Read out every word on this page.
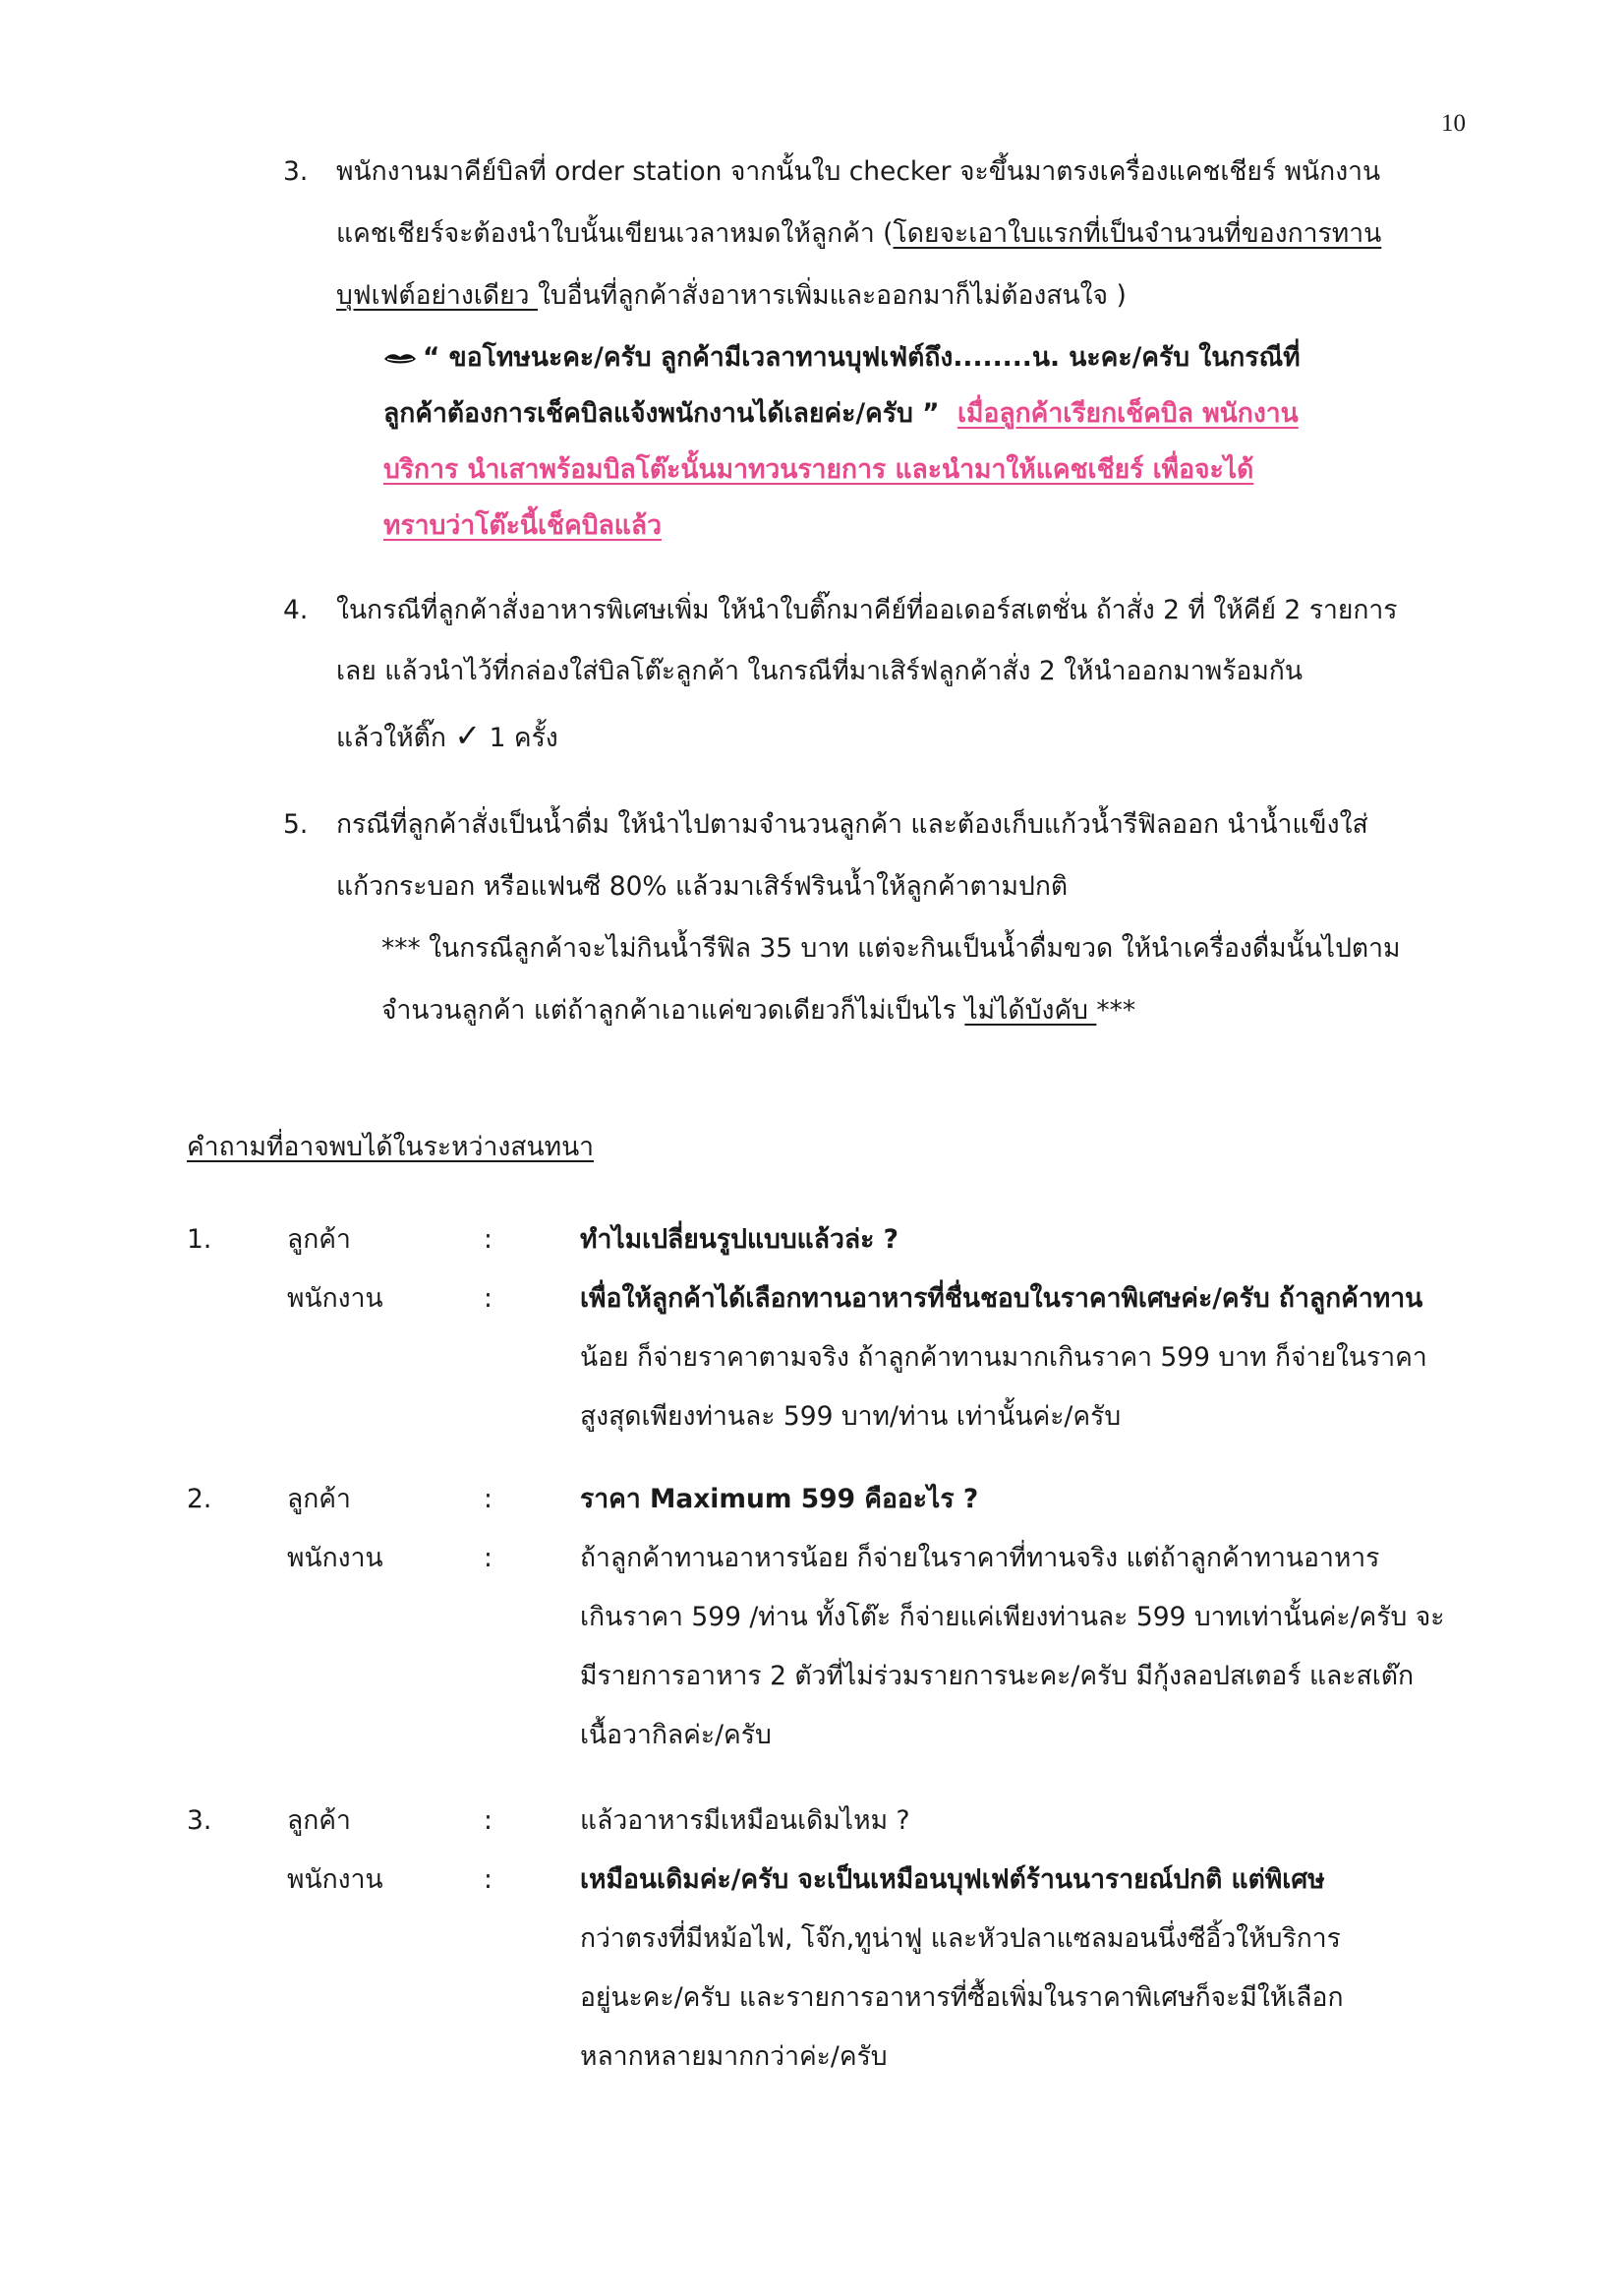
10
3.	พนักงานมาคีย์บิลที่ order station จากนั้นใบ checker จะขึ้นมาตรงเครื่องแคชเชียร์ พนักงาน
แคชเชียร์จะต้องนำใบนั้นเขียนเวลาหมดให้ลูกค้า (โดยจะเอาใบแรกที่เป็นจำนวนที่ของการทาน
บุฟเฟต์อย่างเดียว ใบอื่นที่ลูกค้าสั่งอาหารเพิ่มและออกมาก็ไม่ต้องสนใจ )
“ ขอโทษนะคะ/ครับ ลูกค้ามีเวลาทานบุฟเฟ่ต์ถึง........น. นะคะ/ครับ ในกรณีที่
ลูกค้าต้องการเช็คบิลแจ้งพนักงานได้เลยค่ะ/ครับ ” เมื่อลูกค้าเรียกเช็คบิล พนักงาน
บริการ นำเสาพร้อมบิลโต๊ะนั้นมาทวนรายการ และนำมาให้แคชเชียร์ เพื่อจะได้
ทราบว่าโต๊ะนี้เช็คบิลแล้ว
4.	ในกรณีที่ลูกค้าสั่งอาหารพิเศษเพิ่ม ให้นำใบติ๊กมาคีย์ที่ออเดอร์สเตชั่น ถ้าสั่ง 2 ที่ ให้คีย์ 2 รายการ
เลย แล้วนำไว้ที่กล่องใส่บิลโต๊ะลูกค้า ในกรณีที่มาเสิร์ฟลูกค้าสั่ง 2 ให้นำออกมาพร้อมกัน
แล้วให้ติ๊ก ✓ 1 ครั้ง
5.	กรณีที่ลูกค้าสั่งเป็นน้ำดื่ม ให้นำไปตามจำนวนลูกค้า และต้องเก็บแก้วน้ำรีฟิลออก นำน้ำแข็งใส่
แก้วกระบอก หรือแฟนซี 80% แล้วมาเสิร์ฟรินน้ำให้ลูกค้าตามปกติ
*** ในกรณีลูกค้าจะไม่กินน้ำรีฟิล 35 บาท แต่จะกินเป็นน้ำดื่มขวด ให้นำเครื่องดื่มนั้นไปตาม
จำนวนลูกค้า แต่ถ้าลูกค้าเอาแค่ขวดเดียวก็ไม่เป็นไร ไม่ได้บังคับ ***
คำถามที่อาจพบได้ในระหว่างสนทนา
1.	ลูกค้า	:	ทำไมเปลี่ยนรูปแบบแล้วล่ะ ?
พนักงาน	:	เพื่อให้ลูกค้าได้เลือกทานอาหารที่ชื่นชอบในราคาพิเศษค่ะ/ครับ ถ้าลูกค้าทาน
น้อย ก็จ่ายราคาตามจริง ถ้าลูกค้าทานมากเกินราคา 599 บาท ก็จ่ายในราคา
สูงสุดเพียงท่านละ 599 บาท/ท่าน เท่านั้นค่ะ/ครับ
2.	ลูกค้า	:	ราคา Maximum 599 คืออะไร ?
พนักงาน	:	ถ้าลูกค้าทานอาหารน้อย ก็จ่ายในราคาที่ทานจริง แต่ถ้าลูกค้าทานอาหาร
เกินราคา 599 /ท่าน ทั้งโต๊ะ ก็จ่ายแค่เพียงท่านละ 599 บาทเท่านั้นค่ะ/ครับ จะ
มีรายการอาหาร 2 ตัวที่ไม่ร่วมรายการนะคะ/ครับ มีกุ้งลอปสเตอร์ และสเต๊ก
เนื้อวากิลค่ะ/ครับ
3.	ลูกค้า	:	แล้วอาหารมีเหมือนเดิมไหม ?
พนักงาน	:	เหมือนเดิมค่ะ/ครับ จะเป็นเหมือนบุฟเฟต์ร้านนารายณ์ปกติ แต่พิเศษ
กว่าตรงที่มีหม้อไฟ, โจ๊ก,ทูน่าฟู และหัวปลาแซลมอนนึ่งซีอิ้วให้บริการ
อยู่นะคะ/ครับ และรายการอาหารที่ซื้อเพิ่มในราคาพิเศษก็จะมีให้เลือก
หลากหลายมากกว่าค่ะ/ครับ
